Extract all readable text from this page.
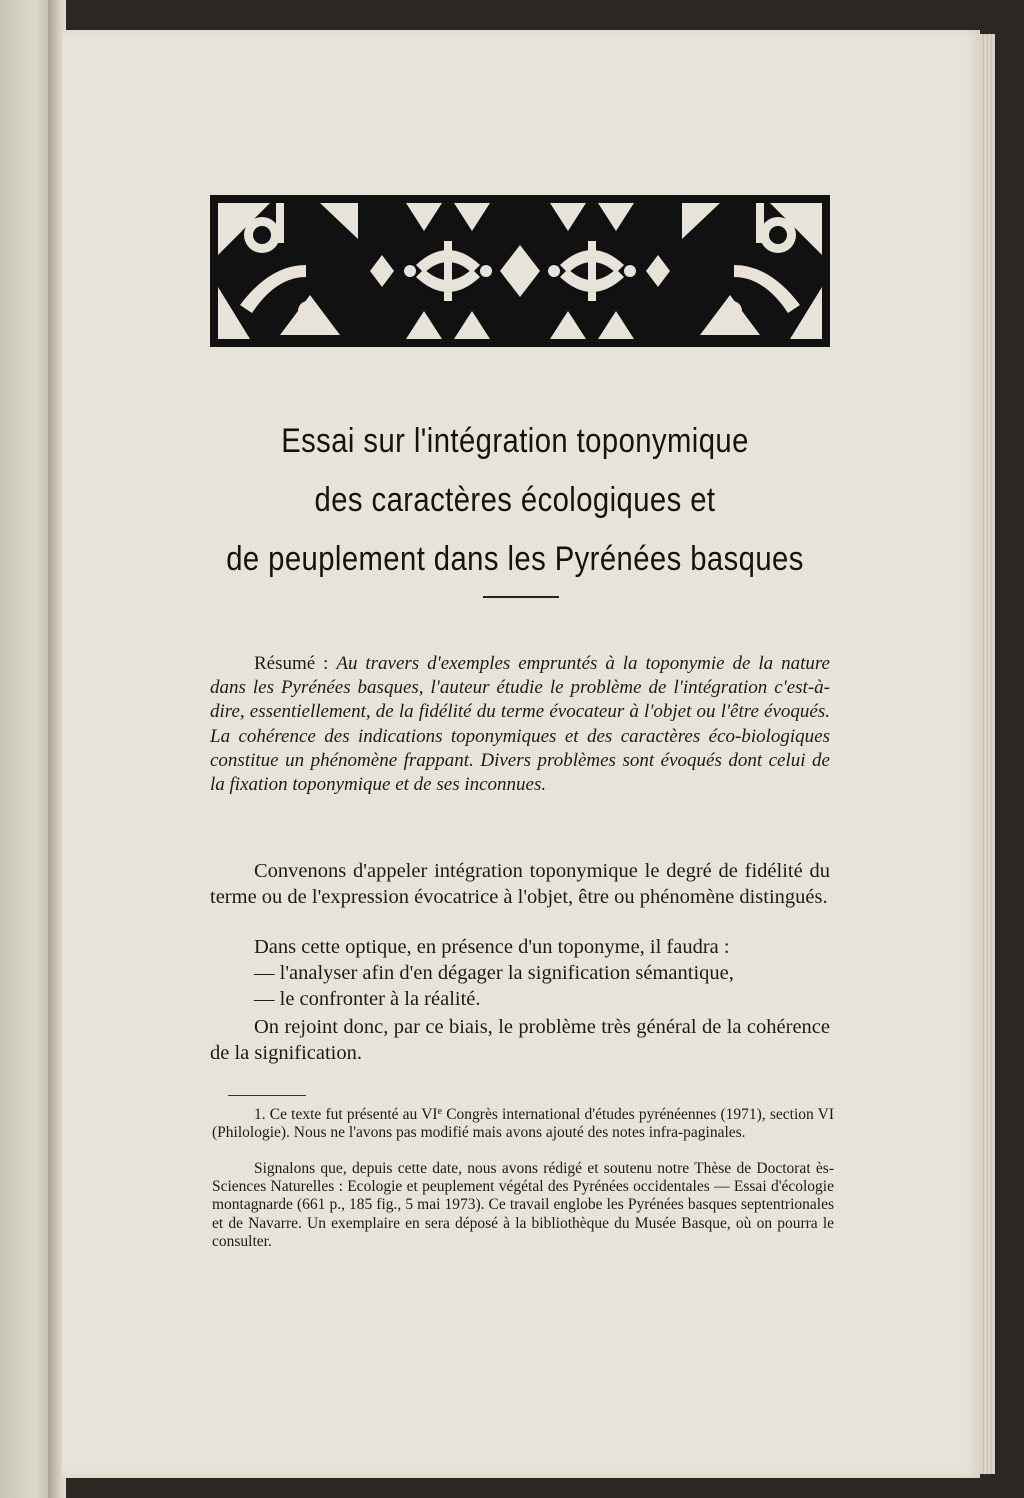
Essai sur l'intégration toponymique
des caractères écologiques et
de peuplement dans les Pyrénées basques
Résumé : Au travers d'exemples empruntés à la toponymie de la nature dans les Pyrénées basques, l'auteur étudie le problème de l'intégration c'est-à-dire, essentiellement, de la fidélité du terme évocateur à l'objet ou l'être évoqués. La cohérence des indications toponymiques et des caractères éco-biologiques constitue un phénomène frappant. Divers problèmes sont évoqués dont celui de la fixation toponymique et de ses inconnues.
Convenons d'appeler intégration toponymique le degré de fidélité du terme ou de l'expression évocatrice à l'objet, être ou phénomène distingués.
Dans cette optique, en présence d'un toponyme, il faudra :
— l'analyser afin d'en dégager la signification sémantique,
— le confronter à la réalité.
On rejoint donc, par ce biais, le problème très général de la cohérence de la signification.
1. Ce texte fut présenté au VIe Congrès international d'études pyrénéennes (1971), section VI (Philologie). Nous ne l'avons pas modifié mais avons ajouté des notes infra-paginales.
Signalons que, depuis cette date, nous avons rédigé et soutenu notre Thèse de Doctorat ès-Sciences Naturelles : Ecologie et peuplement végétal des Pyrénées occidentales — Essai d'écologie montagnarde (661 p., 185 fig., 5 mai 1973). Ce travail englobe les Pyrénées basques septentrionales et de Navarre. Un exemplaire en sera déposé à la bibliothèque du Musée Basque, où on pourra le consulter.
